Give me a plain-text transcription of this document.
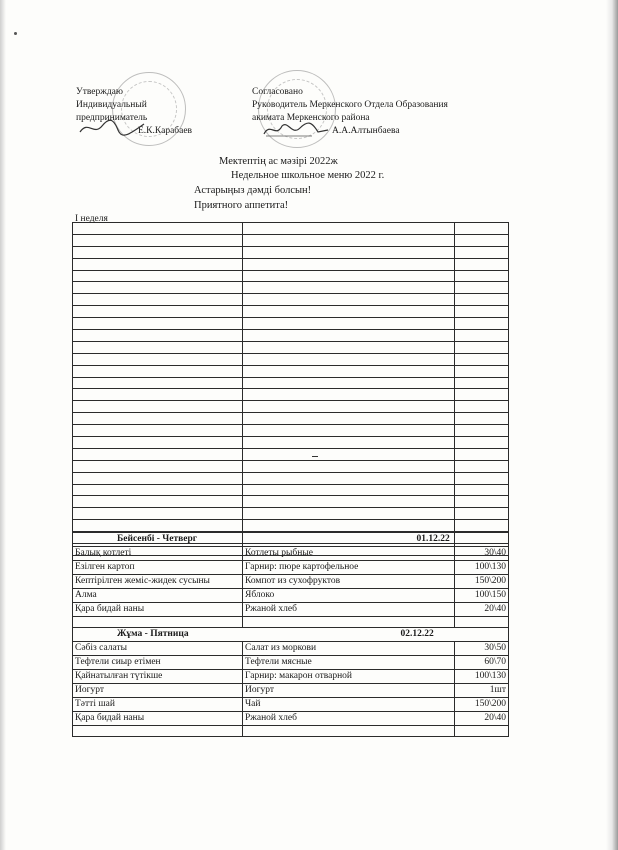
Утверждаю
Индивидуальный
предприниматель
Е.К.Карабаев
Согласовано
Руководитель Меркенского Отдела Образования
акимата Меркенского района
А.А.Алтынбаева
Мектептің ас мәзірі 2022ж
Недельное школьное меню 2022 г.
Астарыңыз дәмді болсын!
Приятного аппетита!
I неделя

Бейсенбі - Четверг		01.12.22
Балық котлеті	Котлеты рыбные	30\40
Езілген картоп	Гарнир: пюре картофельное	100\130
Кептірілген жеміс-жидек сусыны	Компот из сухофруктов	150\200
Алма	Яблоко	100\150
Қара бидай наны	Ржаной хлеб	20\40

Жұма - Пятница		02.12.22
Сәбіз салаты	Салат из моркови	30\50
Тефтели сиыр етімен	Тефтели мясные	60\70
Қайнатылған түтікше	Гарнир: макарон отварной	100\130
Иогурт	Иогурт	1шт
Тәтті шай	Чай	150\200
Қара бидай наны	Ржаной хлеб	20\40
